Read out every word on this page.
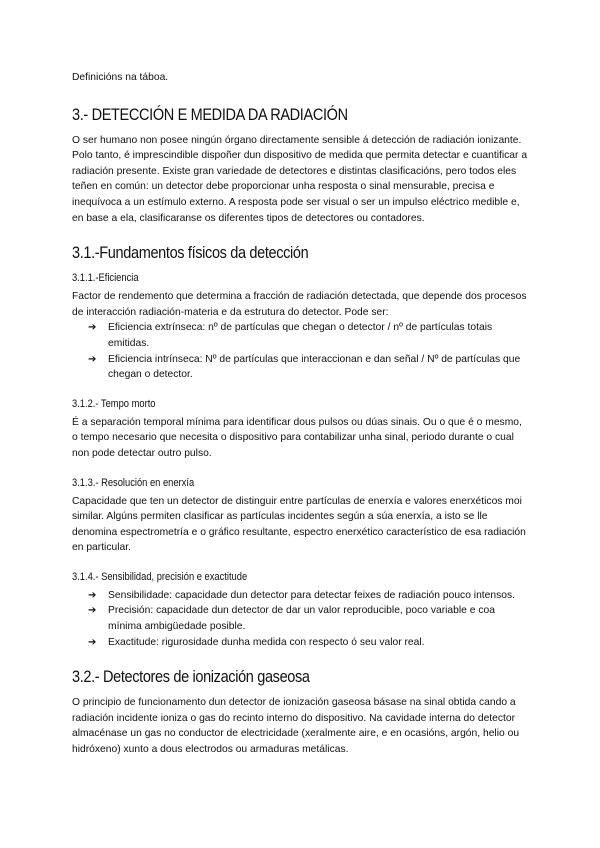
Definicións na táboa.

3.- DETECCIÓN E MEDIDA DA RADIACIÓN

O ser humano non posee ningún órgano directamente sensible á detección de radiación ionizante. Polo tanto, é imprescindible dispoñer dun dispositivo de medida que permita detectar e cuantificar a radiación presente. Existe gran variedade de detectores e distintas clasificacións, pero todos eles teñen en común: un detector debe proporcionar unha resposta o sinal mensurable, precisa e inequívoca a un estímulo externo. A resposta pode ser visual o ser un impulso eléctrico medible e, en base a ela, clasificaranse os diferentes tipos de detectores ou contadores.

3.1.-Fundamentos físicos da detección
3.1.1.-Eficiencia

Factor de rendemento que determina a fracción de radiación detectada, que depende dos procesos de interacción radiación-materia e da estrutura do detector. Pode ser:

➔ Eficiencia extrínseca: nº de partículas que chegan o detector / nº de partículas totais emitidas.
➔ Eficiencia intrínseca: Nº de partículas que interaccionan e dan señal / Nº de partículas que chegan o detector.
3.1.2.- Tempo morto

É a separación temporal mínima para identificar dous pulsos ou dúas sinais. Ou o que é o mesmo, o tempo necesario que necesita o dispositivo para contabilizar unha sinal, periodo durante o cual non pode detectar outro pulso.

3.1.3.- Resolución en enerxía

Capacidade que ten un detector de distinguir entre partículas de enerxía e valores enerxéticos moi similar. Algúns permiten clasificar as partículas incidentes según a súa enerxía, a isto se lle denomina espectrometría e o gráfico resultante, espectro enerxético característico de esa radiación en particular.

3.1.4.- Sensibilidad, precisión e exactitude
➔ Sensibilidade: capacidade dun detector para detectar feixes de radiación pouco intensos.
➔ Precisión: capacidade dun detector de dar un valor reproducible, poco variable e coa mínima ambigüedade posible.
➔ Exactitude: rigurosidade dunha medida con respecto ó seu valor real.
3.2.- Detectores de ionización gaseosa

O principio de funcionamento dun detector de ionización gaseosa básase na sinal obtida cando a radiación incidente ioniza o gas do recinto interno do dispositivo. Na cavidade interna do detector almacénase un gas no conductor de electricidade (xeralmente aire, e en ocasións, argón, helio ou hidróxeno) xunto a dous electrodos ou armaduras metálicas.
